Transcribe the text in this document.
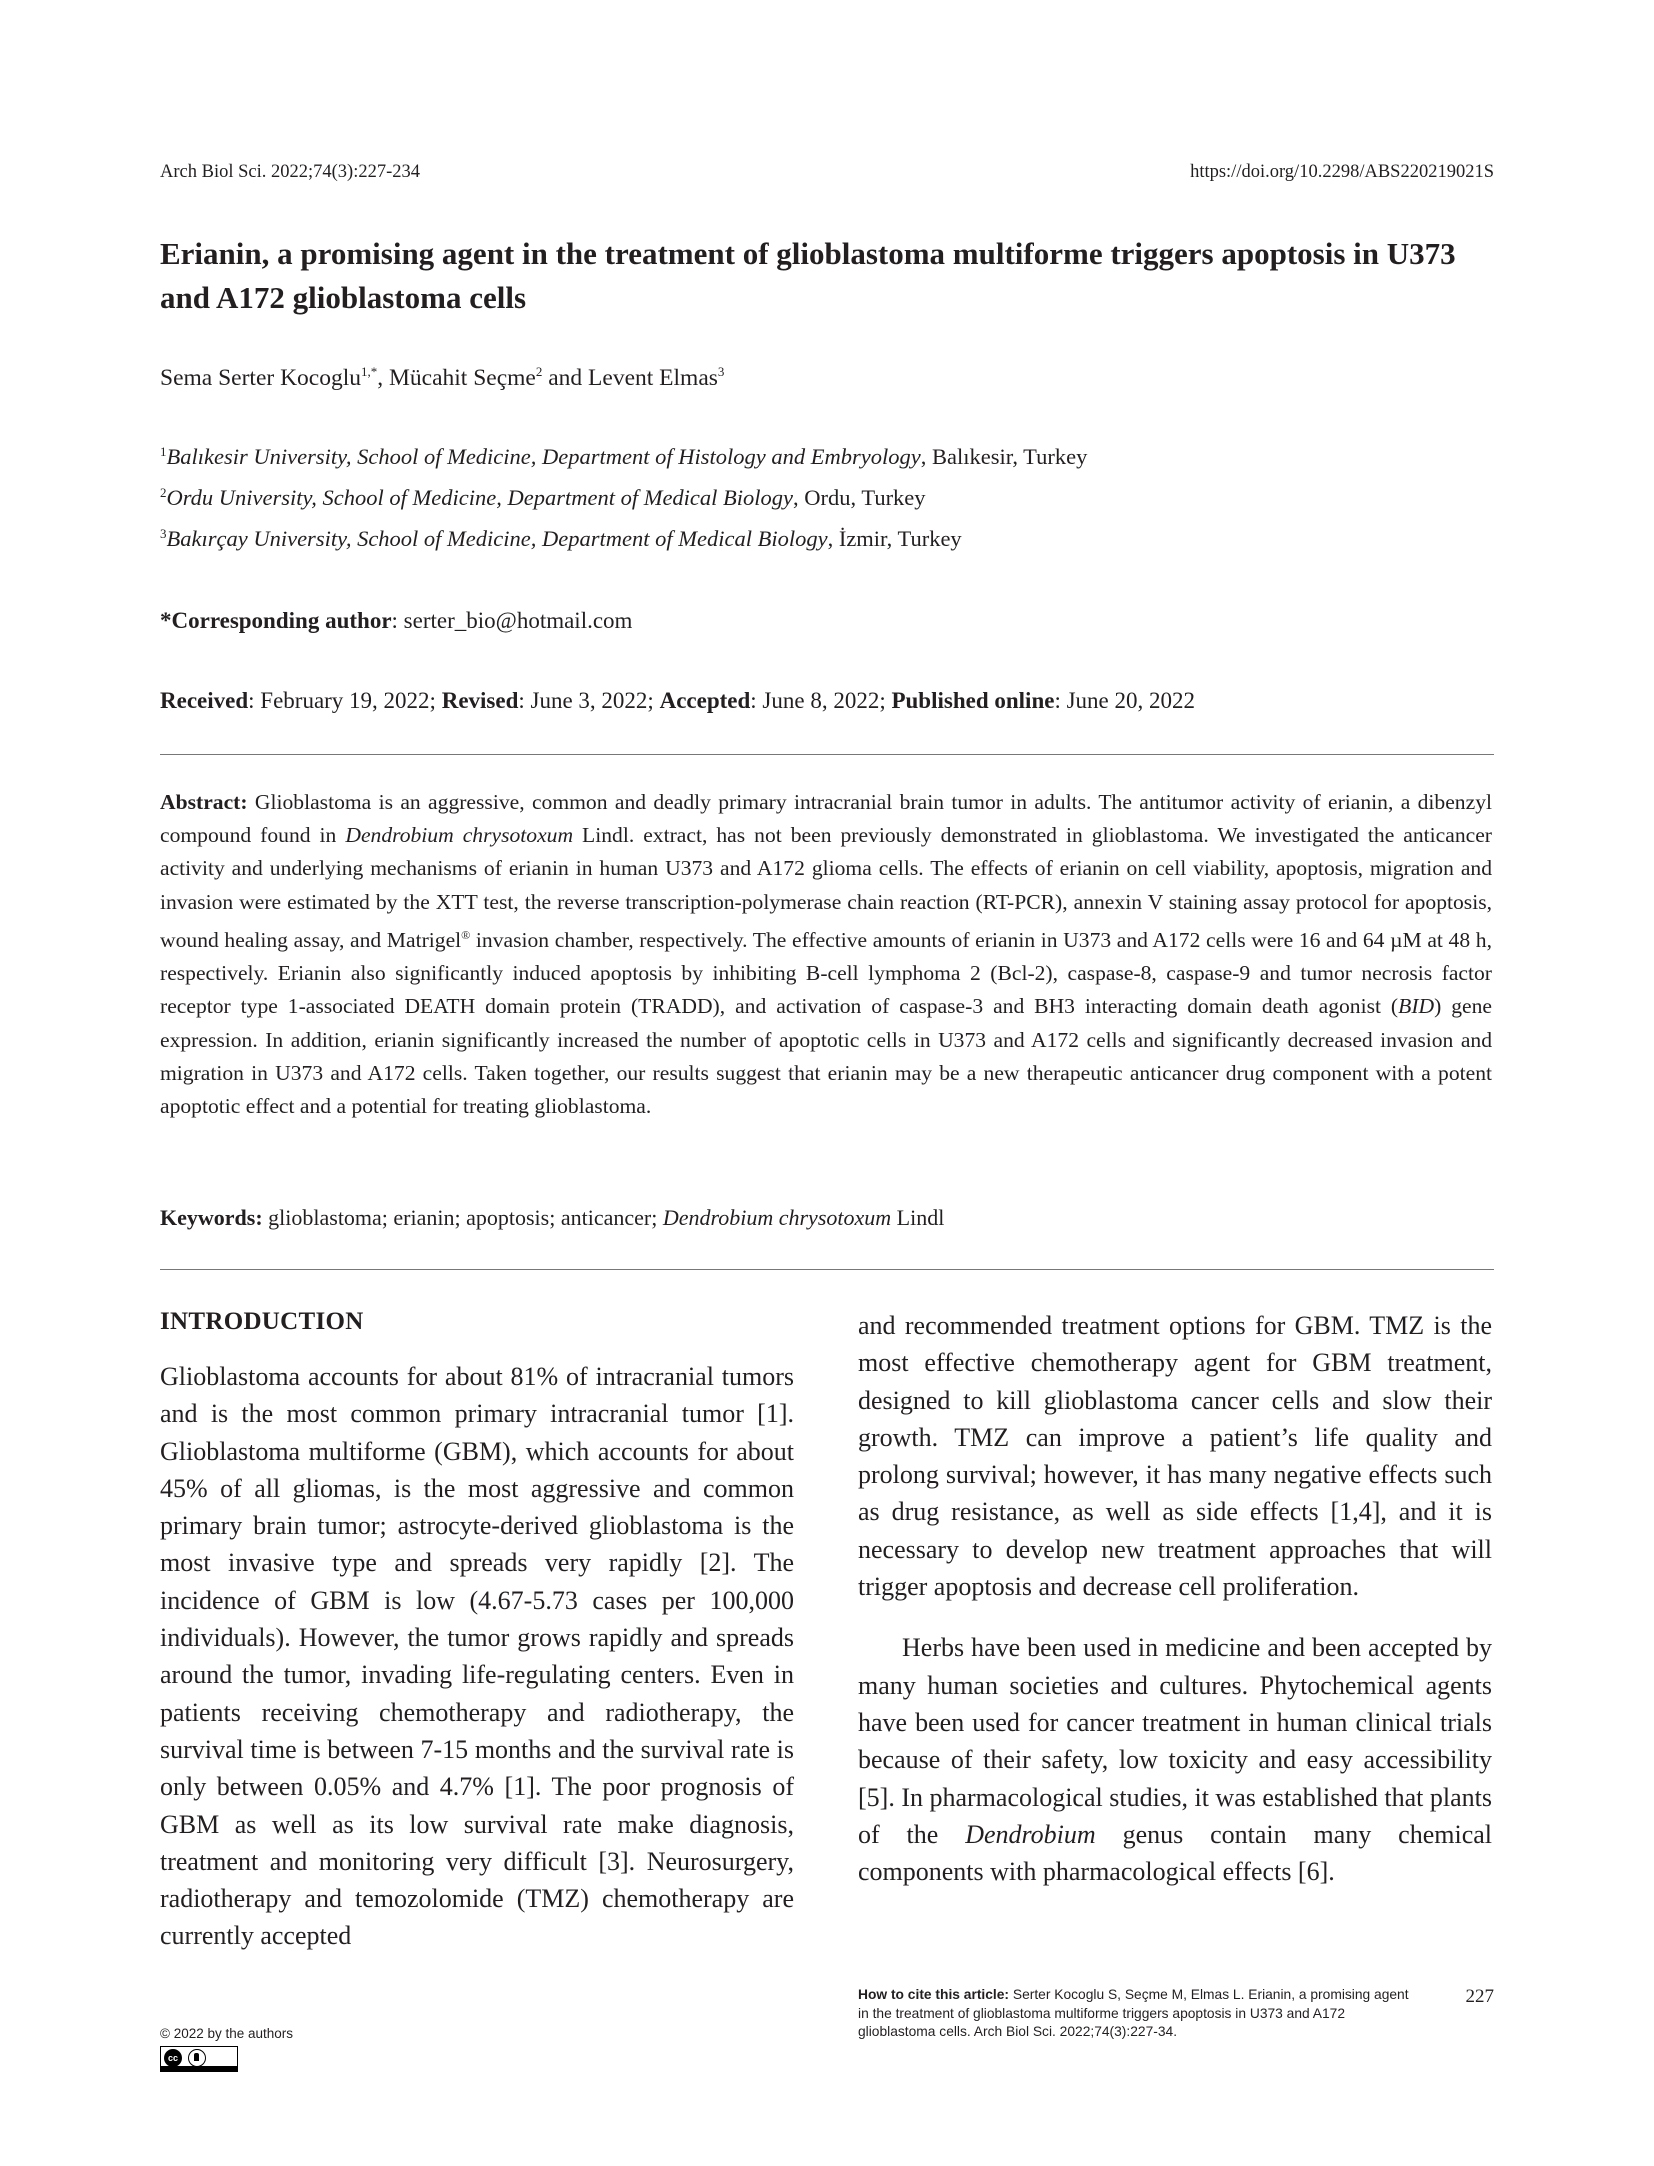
Arch Biol Sci. 2022;74(3):227-234	https://doi.org/10.2298/ABS220219021S
Erianin, a promising agent in the treatment of glioblastoma multiforme triggers apoptosis in U373 and A172 glioblastoma cells
Sema Serter Kocoglu$^{1,*}$, Mücahit Seçme$^2$ and Levent Elmas$^3$
$^1$Balıkesir University, School of Medicine, Department of Histology and Embryology, Balıkesir, Turkey
$^2$Ordu University, School of Medicine, Department of Medical Biology, Ordu, Turkey
$^3$Bakırçay University, School of Medicine, Department of Medical Biology, İzmir, Turkey
*Corresponding author: serter_bio@hotmail.com
Received: February 19, 2022; Revised: June 3, 2022; Accepted: June 8, 2022; Published online: June 20, 2022

Abstract: Glioblastoma is an aggressive, common and deadly primary intracranial brain tumor in adults. The antitumor activity of erianin, a dibenzyl compound found in Dendrobium chrysotoxum Lindl. extract, has not been previously demonstrated in glioblastoma. We investigated the anticancer activity and underlying mechanisms of erianin in human U373 and A172 glioma cells. The effects of erianin on cell viability, apoptosis, migration and invasion were estimated by the XTT test, the reverse transcription-polymerase chain reaction (RT-PCR), annexin V staining assay protocol for apoptosis, wound healing assay, and Matrigel® invasion chamber, respectively. The effective amounts of erianin in U373 and A172 cells were 16 and 64 µM at 48 h, respectively. Erianin also significantly induced apoptosis by inhibiting B-cell lymphoma 2 (Bcl-2), caspase-8, caspase-9 and tumor necrosis factor receptor type 1-associated DEATH domain protein (TRADD), and activation of caspase-3 and BH3 interacting domain death agonist (BID) gene expression. In addition, erianin significantly increased the number of apoptotic cells in U373 and A172 cells and significantly decreased invasion and migration in U373 and A172 cells. Taken together, our results suggest that erianin may be a new therapeutic anticancer drug component with a potent apoptotic effect and a potential for treating glioblastoma.

Keywords: glioblastoma; erianin; apoptosis; anticancer; Dendrobium chrysotoxum Lindl
INTRODUCTION

Glioblastoma accounts for about 81% of intracranial tumors and is the most common primary intracranial tumor [1]. Glioblastoma multiforme (GBM), which accounts for about 45% of all gliomas, is the most aggressive and common primary brain tumor; astrocyte-derived glioblastoma is the most invasive type and spreads very rapidly [2]. The incidence of GBM is low (4.67-5.73 cases per 100,000 individuals). However, the tumor grows rapidly and spreads around the tumor, invading life-regulating centers. Even in patients receiving chemotherapy and radiotherapy, the survival time is between 7-15 months and the survival rate is only between 0.05% and 4.7% [1]. The poor prognosis of GBM as well as its low survival rate make diagnosis, treatment and monitoring very difficult [3]. Neurosurgery, radiotherapy and temozolomide (TMZ) chemotherapy are currently accepted

and recommended treatment options for GBM. TMZ is the most effective chemotherapy agent for GBM treatment, designed to kill glioblastoma cancer cells and slow their growth. TMZ can improve a patient’s life quality and prolong survival; however, it has many negative effects such as drug resistance, as well as side effects [1,4], and it is necessary to develop new treatment approaches that will trigger apoptosis and decrease cell proliferation.

Herbs have been used in medicine and been accepted by many human societies and cultures. Phytochemical agents have been used for cancer treatment in human clinical trials because of their safety, low toxicity and easy accessibility [5]. In pharmacological studies, it was established that plants of the Dendrobium genus contain many chemical components with pharmacological effects [6].

© 2022 by the authors
cc
How to cite this article: Serter Kocoglu S, Seçme M, Elmas L. Erianin, a promising agent in the treatment of glioblastoma multiforme triggers apoptosis in U373 and A172 glioblastoma cells. Arch Biol Sci. 2022;74(3):227-34.
227
